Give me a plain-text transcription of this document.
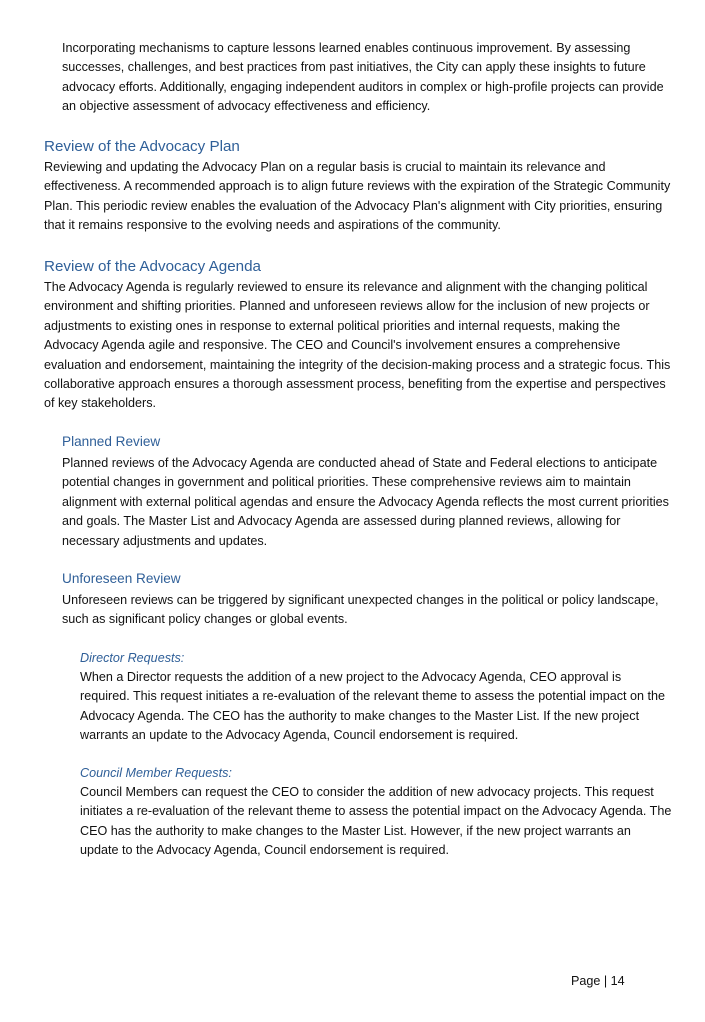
Incorporating mechanisms to capture lessons learned enables continuous improvement. By assessing successes, challenges, and best practices from past initiatives, the City can apply these insights to future advocacy efforts. Additionally, engaging independent auditors in complex or high-profile projects can provide an objective assessment of advocacy effectiveness and efficiency.

Review of the Advocacy Plan

Reviewing and updating the Advocacy Plan on a regular basis is crucial to maintain its relevance and effectiveness. A recommended approach is to align future reviews with the expiration of the Strategic Community Plan. This periodic review enables the evaluation of the Advocacy Plan's alignment with City priorities, ensuring that it remains responsive to the evolving needs and aspirations of the community.

Review of the Advocacy Agenda

The Advocacy Agenda is regularly reviewed to ensure its relevance and alignment with the changing political environment and shifting priorities. Planned and unforeseen reviews allow for the inclusion of new projects or adjustments to existing ones in response to external political priorities and internal requests, making the Advocacy Agenda agile and responsive. The CEO and Council's involvement ensures a comprehensive evaluation and endorsement, maintaining the integrity of the decision-making process and a strategic focus. This collaborative approach ensures a thorough assessment process, benefiting from the expertise and perspectives of key stakeholders.

Planned Review

Planned reviews of the Advocacy Agenda are conducted ahead of State and Federal elections to anticipate potential changes in government and political priorities. These comprehensive reviews aim to maintain alignment with external political agendas and ensure the Advocacy Agenda reflects the most current priorities and goals. The Master List and Advocacy Agenda are assessed during planned reviews, allowing for necessary adjustments and updates.

Unforeseen Review

Unforeseen reviews can be triggered by significant unexpected changes in the political or policy landscape, such as significant policy changes or global events.

Director Requests:

When a Director requests the addition of a new project to the Advocacy Agenda, CEO approval is required. This request initiates a re-evaluation of the relevant theme to assess the potential impact on the Advocacy Agenda. The CEO has the authority to make changes to the Master List. If the new project warrants an update to the Advocacy Agenda, Council endorsement is required.

Council Member Requests:

Council Members can request the CEO to consider the addition of new advocacy projects. This request initiates a re-evaluation of the relevant theme to assess the potential impact on the Advocacy Agenda. The CEO has the authority to make changes to the Master List. However, if the new project warrants an update to the Advocacy Agenda, Council endorsement is required.

Page | 14
